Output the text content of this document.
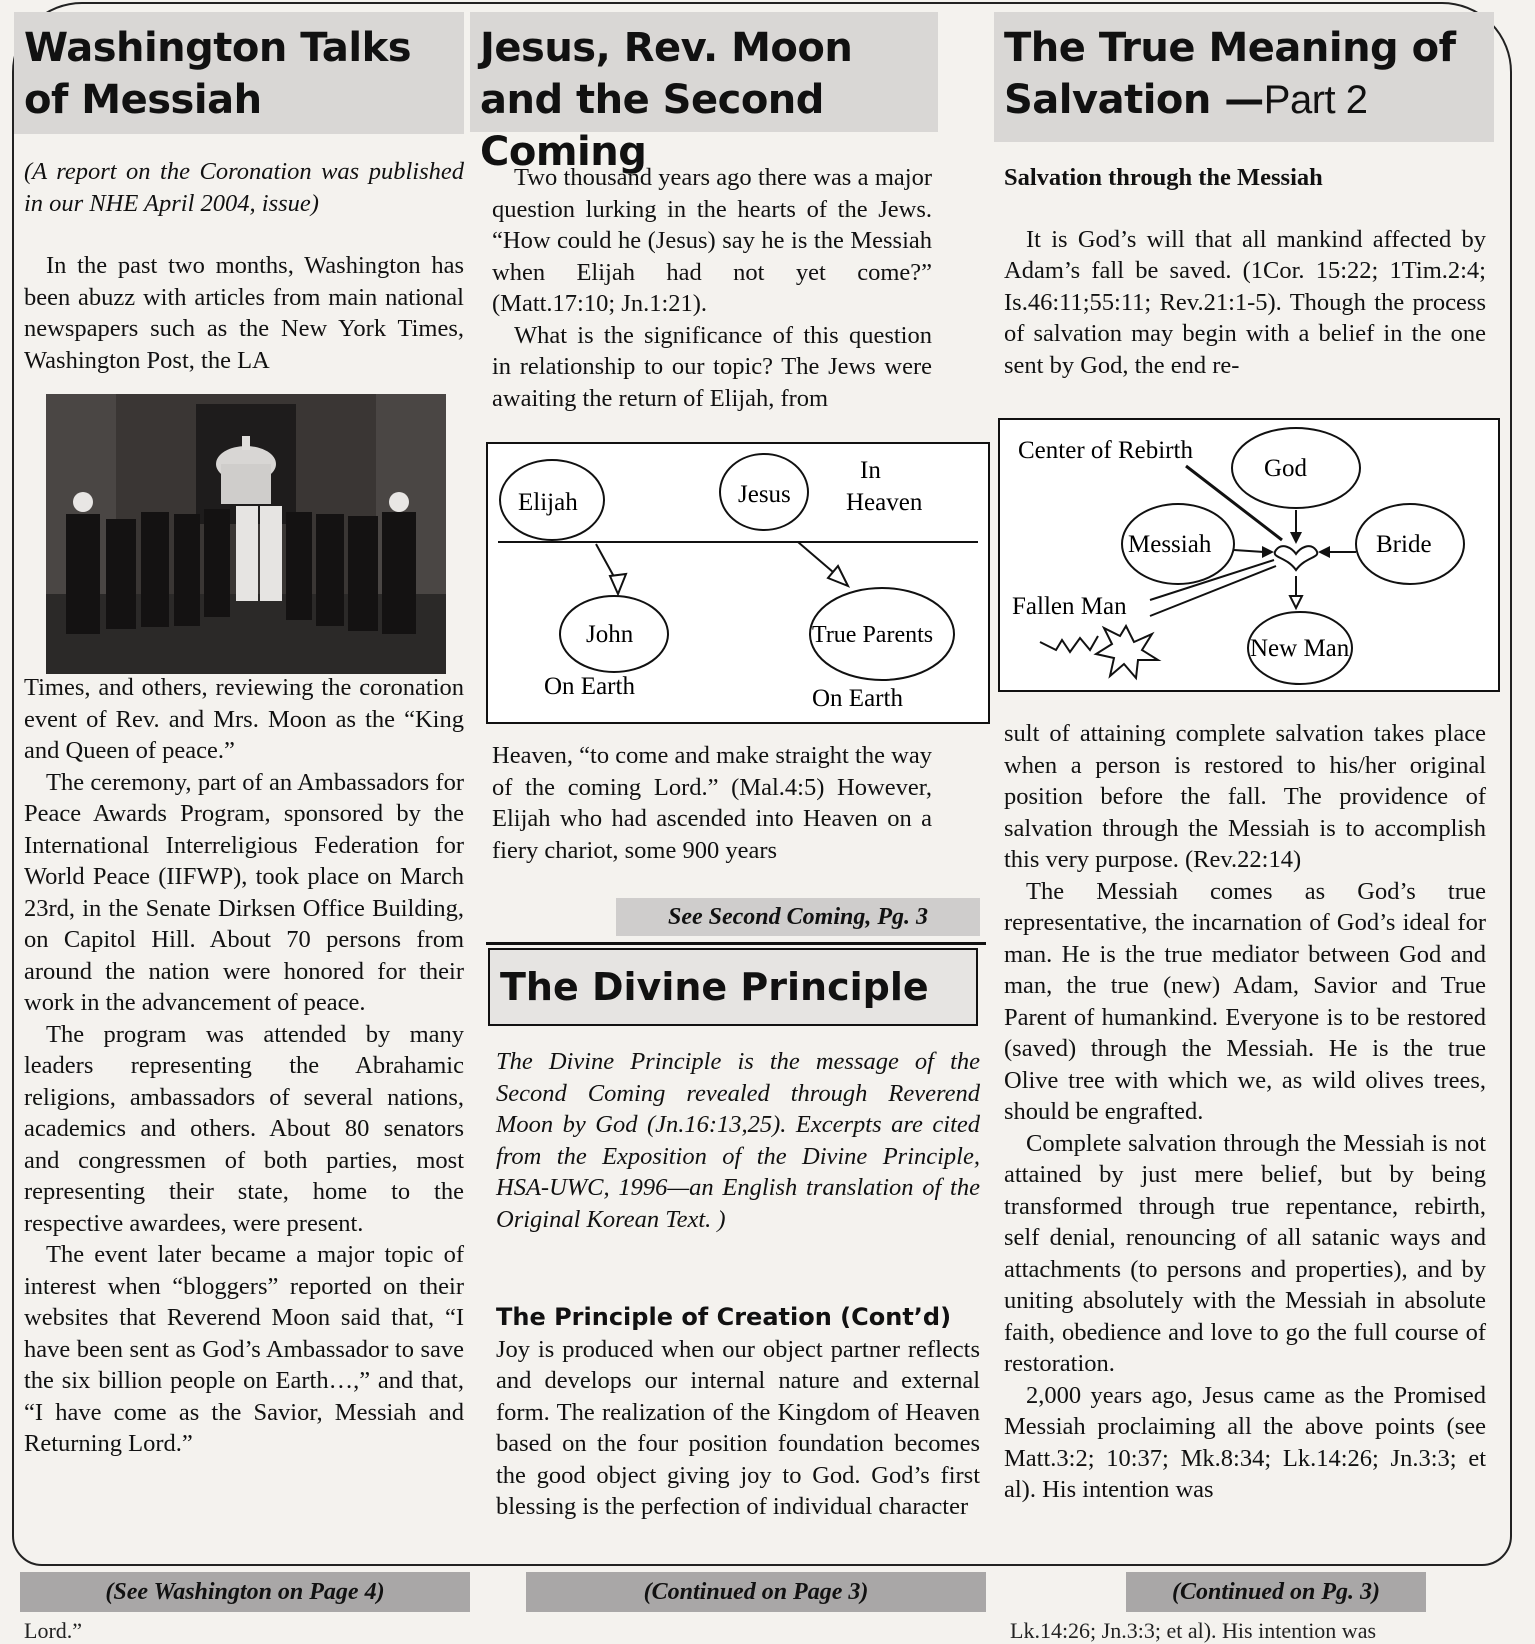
Washington Talks of Messiah
(A report on the Coronation was published in our NHE April 2004, issue)

In the past two months, Washington has been abuzz with articles from main national newspapers such as the New York Times, Washington Post, the LA

Times, and others, reviewing the coronation event of Rev. and Mrs. Moon as the “King and Queen of peace.”

The ceremony, part of an Ambassadors for Peace Awards Program, sponsored by the International Interreligious Federation for World Peace (IIFWP), took place on March 23rd, in the Senate Dirksen Office Building, on Capitol Hill. About 70 persons from around the nation were honored for their work in the advancement of peace.

The program was attended by many leaders representing the Abrahamic religions, ambassadors of several nations, academics and others. About 80 senators and congressmen of both parties, most representing their state, home to the respective awardees, were present.

The event later became a major topic of interest when “bloggers” reported on their websites that Reverend Moon said that, “I have been sent as God’s Ambassador to save the six billion people on Earth…,” and that, “I have come as the Savior, Messiah and Returning Lord.”

(See Washington on Page 4)
Jesus, Rev. Moon and the Second Coming

Two thousand years ago there was a major question lurking in the hearts of the Jews. “How could he (Jesus) say he is the Messiah when Elijah had not yet come?” (Matt.17:10; Jn.1:21).

What is the significance of this question in relationship to our topic? The Jews were awaiting the return of Elijah, from

Elijah	Jesus
In
Heaven
John	True Parents
On Earth	On Earth

Heaven, “to come and make straight the way of the coming Lord.” (Mal.4:5) However, Elijah who had ascended into Heaven on a fiery chariot, some 900 years

See Second Coming, Pg. 3
The Divine Principle

The Divine Principle is the message of the Second Coming revealed through Reverend Moon by God (Jn.16:13,25). Excerpts are cited from the Exposition of the Divine Principle, HSA-UWC, 1996—an English translation of the Original Korean Text. )

The Principle of Creation (Cont’d)

Joy is produced when our object partner reflects and develops our internal nature and external form. The realization of the Kingdom of Heaven based on the four position foundation becomes the good object giving joy to God. God’s first blessing is the perfection of individual character

(Continued on Page 3)
The True Meaning of Salvation —Part 2
Salvation through the Messiah

It is God’s will that all mankind affected by Adam’s fall be saved. (1Cor. 15:22; 1Tim.2:4; Is.46:11;55:11; Rev.21:1-5). Though the process of salvation may begin with a belief in the one sent by God, the end re-

Center of Rebirth
God
Messiah	Bride
Fallen Man
New Man

sult of attaining complete salvation takes place when a person is restored to his/her original position before the fall. The providence of salvation through the Messiah is to accomplish this very purpose. (Rev.22:14)

The Messiah comes as God’s true representative, the incarnation of God’s ideal for man. He is the true mediator between God and man, the true (new) Adam, Savior and True Parent of humankind. Everyone is to be restored (saved) through the Messiah. He is the true Olive tree with which we, as wild olives trees, should be engrafted.

Complete salvation through the Messiah is not attained by just mere belief, but by being transformed through true repentance, rebirth, self denial, renouncing of all satanic ways and attachments (to persons and properties), and by uniting absolutely with the Messiah in absolute faith, obedience and love to go the full course of restoration.

2,000 years ago, Jesus came as the Promised Messiah proclaiming all the above points (see Matt.3:2; 10:37; Mk.8:34; Lk.14:26; Jn.3:3; et al). His intention was

(Continued on Pg. 3)
Lord.”	Lk.14:26; Jn.3:3; et al). His intention was
